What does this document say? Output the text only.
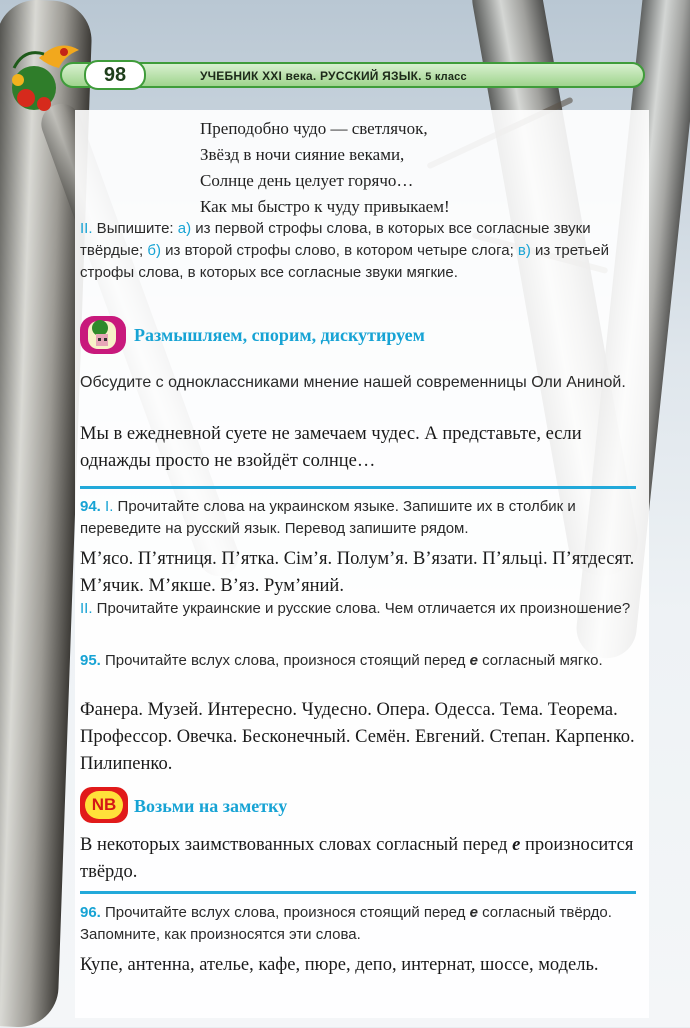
98	УЧЕБНИК XXI века. РУССКИЙ ЯЗЫК. 5 класс
Преподобно чудо — светлячок,
Звёзд в ночи сияние веками,
Солнце день целует горячо…
Как мы быстро к чуду привыкаем!
II. Выпишите: а) из первой строфы слова, в которых все согласные звуки твёрдые; б) из второй строфы слово, в котором четыре слога; в) из третьей строфы слова, в которых все согласные звуки мягкие.
Размышляем, спорим, дискутируем
Обсудите с одноклассниками мнение нашей современницы Оли Аниной.
Мы в ежедневной суете не замечаем чудес. А представьте, если однажды просто не взойдёт солнце…
94. I. Прочитайте слова на украинском языке. Запишите их в столбик и переведите на русский язык. Перевод запишите рядом.
М’ясо. П’ятниця. П’ятка. Сім’я. Полум’я. В’язати. П’яльці. П’ятдесят. М’ячик. М’якше. В’яз. Рум’яний.
II. Прочитайте украинские и русские слова. Чем отличается их произношение?
95. Прочитайте вслух слова, произнося стоящий перед е согласный мягко.
Фанера. Музей. Интересно. Чудесно. Опера. Одесса. Тема. Теорема. Профессор. Овечка. Бесконечный. Семён. Евгений. Степан. Карпенко. Пилипенко.
NB Возьми на заметку
В некоторых заимствованных словах согласный перед е произносится твёрдо.
96. Прочитайте вслух слова, произнося стоящий перед е согласный твёрдо. Запомните, как произносятся эти слова.
Купе, антенна, ателье, кафе, пюре, депо, интернат, шоссе, модель.
